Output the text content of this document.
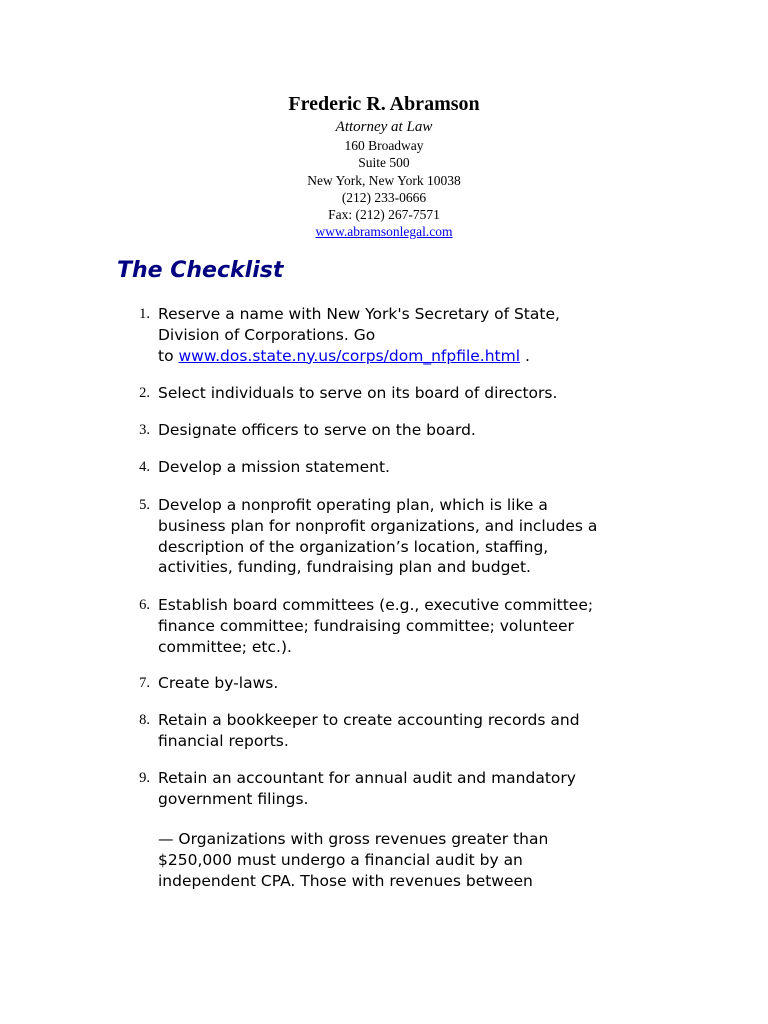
Frederic R. Abramson
Attorney at Law
160 Broadway
Suite 500
New York, New York 10038
(212) 233-0666
Fax: (212) 267-7571
www.abramsonlegal.com
The Checklist
1. Reserve a name with New York's Secretary of State,
Division of Corporations. Go
to www.dos.state.ny.us/corps/dom_nfpfile.html .
2. Select individuals to serve on its board of directors.
3. Designate officers to serve on the board.
4. Develop a mission statement.
5. Develop a nonprofit operating plan, which is like a
business plan for nonprofit organizations, and includes a
description of the organization’s location, staffing,
activities, funding, fundraising plan and budget.
6. Establish board committees (e.g., executive committee;
finance committee; fundraising committee; volunteer
committee; etc.).
7. Create by-laws.
8. Retain a bookkeeper to create accounting records and
financial reports.
9. Retain an accountant for annual audit and mandatory
government filings.
— Organizations with gross revenues greater than
$250,000 must undergo a financial audit by an
independent CPA. Those with revenues between
